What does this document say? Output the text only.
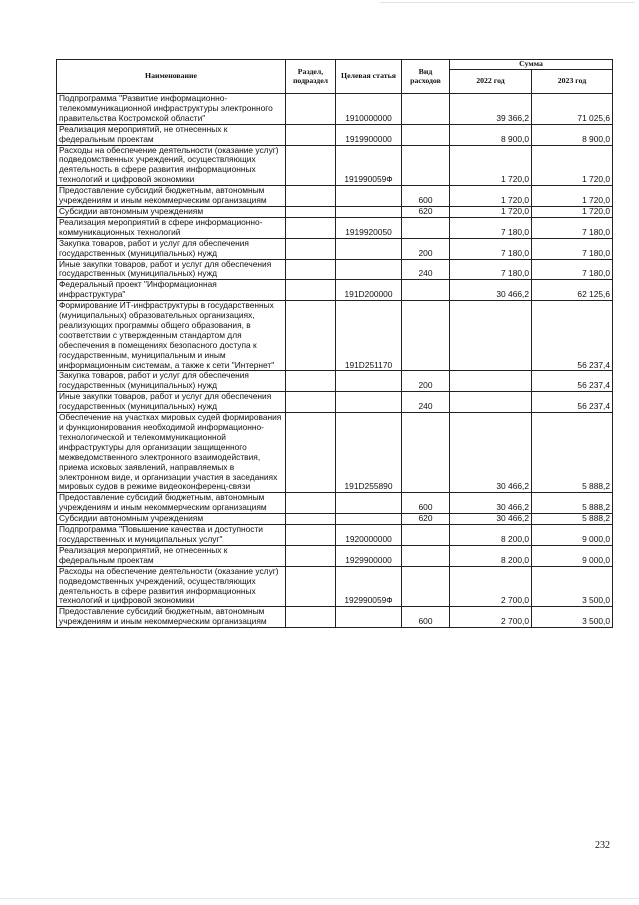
Наименование	Раздел, подраздел	Целевая статья	Вид расходов	Сумма	
				2022 год	2023 год
Подпрограмма "Развитие информационно-телекоммуникационной инфраструктуры электронного правительства Костромской области"		1910000000		39 366,2	71 025,6
Реализация мероприятий, не отнесенных к федеральным проектам		1919900000		8 900,0	8 900,0
Расходы на обеспечение деятельности (оказание услуг) подведомственных учреждений, осуществляющих деятельность в сфере развития информационных технологий и цифровой экономики		191990059Ф		1 720,0	1 720,0
Предоставление субсидий бюджетным, автономным учреждениям и иным некоммерческим организациям			600	1 720,0	1 720,0
Субсидии автономным учреждениям			620	1 720,0	1 720,0
Реализация мероприятий в сфере информационно-коммуникационных технологий		1919920050		7 180,0	7 180,0
Закупка товаров, работ и услуг для обеспечения государственных (муниципальных) нужд			200	7 180,0	7 180,0
Иные закупки товаров, работ и услуг для обеспечения государственных (муниципальных) нужд			240	7 180,0	7 180,0
Федеральный проект "Информационная инфраструктура"		191D200000		30 466,2	62 125,6
Формирование ИТ-инфраструктуры в государственных (муниципальных) образовательных организациях, реализующих программы общего образования, в соответствии с утвержденным стандартом для обеспечения в помещениях безопасного доступа к государственным, муниципальным и иным информационным системам, а также к сети "Интернет"		191D251170			56 237,4
Закупка товаров, работ и услуг для обеспечения государственных (муниципальных) нужд			200		56 237,4
Иные закупки товаров, работ и услуг для обеспечения государственных (муниципальных) нужд			240		56 237,4
Обеспечение на участках мировых судей формирования и функционирования необходимой информационно-технологической и телекоммуникационной инфраструктуры для организации защищенного межведомственного электронного взаимодействия, приема исковых заявлений, направляемых в электронном виде, и организации участия в заседаниях мировых судов в режиме видеоконференц-связи		191D255890		30 466,2	5 888,2
Предоставление субсидий бюджетным, автономным учреждениям и иным некоммерческим организациям			600	30 466,2	5 888,2
Субсидии автономным учреждениям			620	30 466,2	5 888,2
Подпрограмма "Повышение качества и доступности государственных и муниципальных услуг"		1920000000		8 200,0	9 000,0
Реализация мероприятий, не отнесенных к федеральным проектам		1929900000		8 200,0	9 000,0
Расходы на обеспечение деятельности (оказание услуг) подведомственных учреждений, осуществляющих деятельность в сфере развития информационных технологий и цифровой экономики		192990059Ф		2 700,0	3 500,0
Предоставление субсидий бюджетным, автономным учреждениям и иным некоммерческим организациям			600	2 700,0	3 500,0
232
